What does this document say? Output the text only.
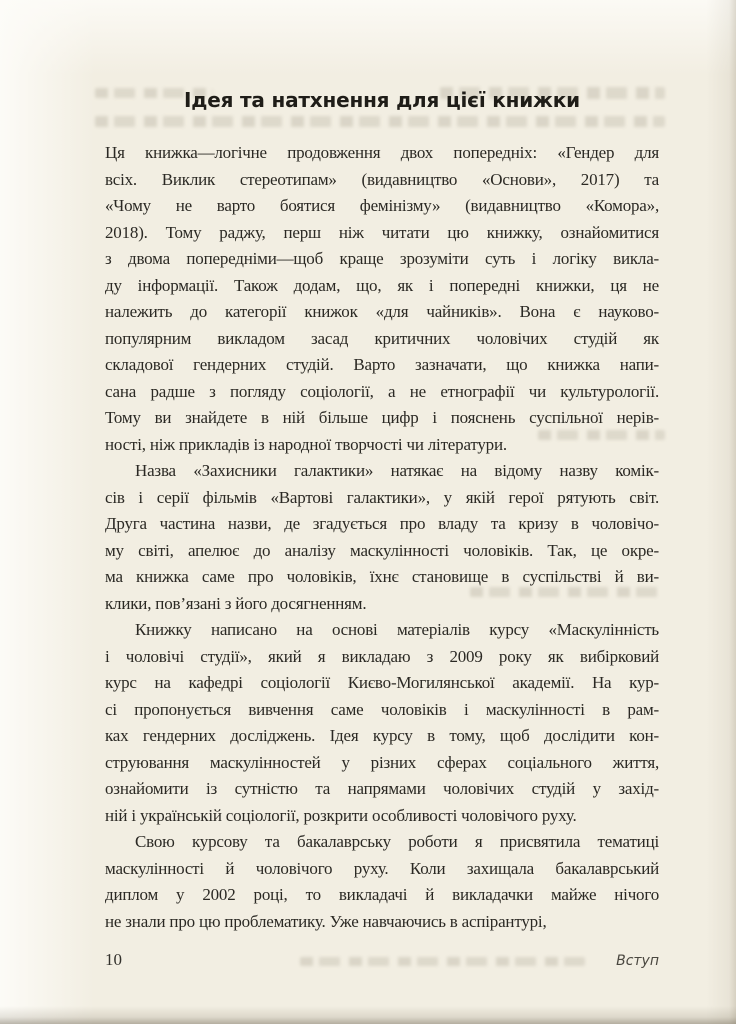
Ідея та натхнення для цієї книжки
Ця книжка—логічне продовження двох попередніх: «Гендер для
всіх. Виклик стереотипам» (видавництво «Основи», 2017) та
«Чому не варто боятися фемінізму» (видавництво «Комора»,
2018). Тому раджу, перш ніж читати цю книжку, ознайомитися
з двома попередніми—щоб краще зрозуміти суть і логіку викла-
ду інформації. Також додам, що, як і попередні книжки, ця не
належить до категорії книжок «для чайників». Вона є науково-
популярним викладом засад критичних чоловічих студій як
складової гендерних студій. Варто зазначати, що книжка напи-
сана радше з погляду соціології, а не етнографії чи культурології.
Тому ви знайдете в ній більше цифр і пояснень суспільної нерів-
ності, ніж прикладів із народної творчості чи літератури.
Назва «Захисники галактики» натякає на відому назву комік-
сів і серії фільмів «Вартові галактики», у якій герої рятують світ.
Друга частина назви, де згадується про владу та кризу в чоловічо-
му світі, апелює до аналізу маскулінності чоловіків. Так, це окре-
ма книжка саме про чоловіків, їхнє становище в суспільстві й ви-
клики, пов’язані з його досягненням.
Книжку написано на основі матеріалів курсу «Маскулінність
і чоловічі студії», який я викладаю з 2009 року як вибірковий
курс на кафедрі соціології Києво-Могилянської академії. На кур-
сі пропонується вивчення саме чоловіків і маскулінності в рам-
ках гендерних досліджень. Ідея курсу в тому, щоб дослідити кон-
струювання маскулінностей у різних сферах соціального життя,
ознайомити із сутністю та напрямами чоловічих студій у захід-
ній і українській соціології, розкрити особливості чоловічого руху.
Свою курсову та бакалаврську роботи я присвятила тематиці
маскулінності й чоловічого руху. Коли захищала бакалаврський
диплом у 2002 році, то викладачі й викладачки майже нічого
не знали про цю проблематику. Уже навчаючись в аспірантурі,
10	Вступ
